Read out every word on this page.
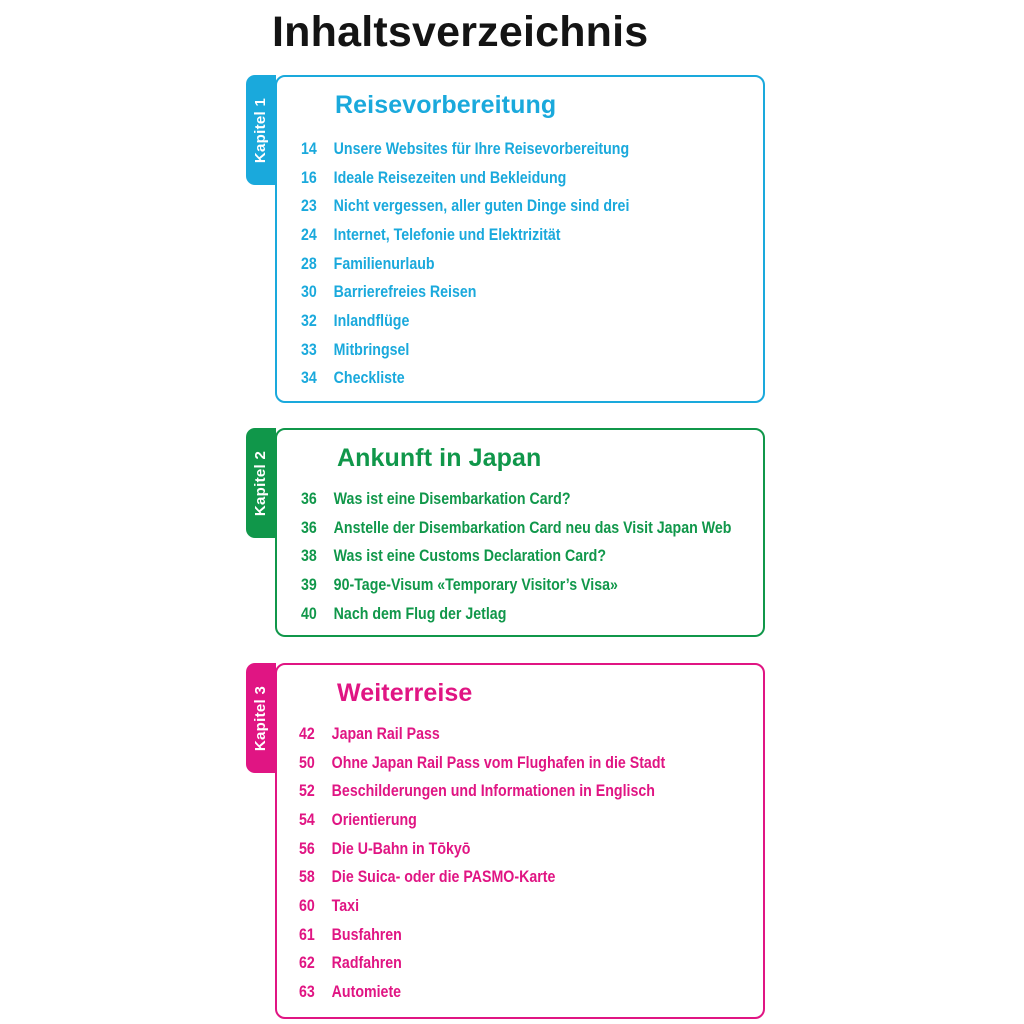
Inhaltsverzeichnis
Kapitel 1	Reisevorbereitung
14	Unsere Websites für Ihre Reisevorbereitung
16	Ideale Reisezeiten und Bekleidung
23	Nicht vergessen, aller guten Dinge sind drei
24	Internet, Telefonie und Elektrizität
28	Familienurlaub
30	Barrierefreies Reisen
32	Inlandflüge
33	Mitbringsel
34	Checkliste
Kapitel 2	Ankunft in Japan
36	Was ist eine Disembarkation Card?
36	Anstelle der Disembarkation Card neu das Visit Japan Web
38	Was ist eine Customs Declaration Card?
39	90-Tage-Visum «Temporary Visitor’s Visa»
40	Nach dem Flug der Jetlag
Kapitel 3	Weiterreise
42	Japan Rail Pass
50	Ohne Japan Rail Pass vom Flughafen in die Stadt
52	Beschilderungen und Informationen in Englisch
54	Orientierung
56	Die U-Bahn in Tōkyō
58	Die Suica- oder die PASMO-Karte
60	Taxi
61	Busfahren
62	Radfahren
63	Automiete
